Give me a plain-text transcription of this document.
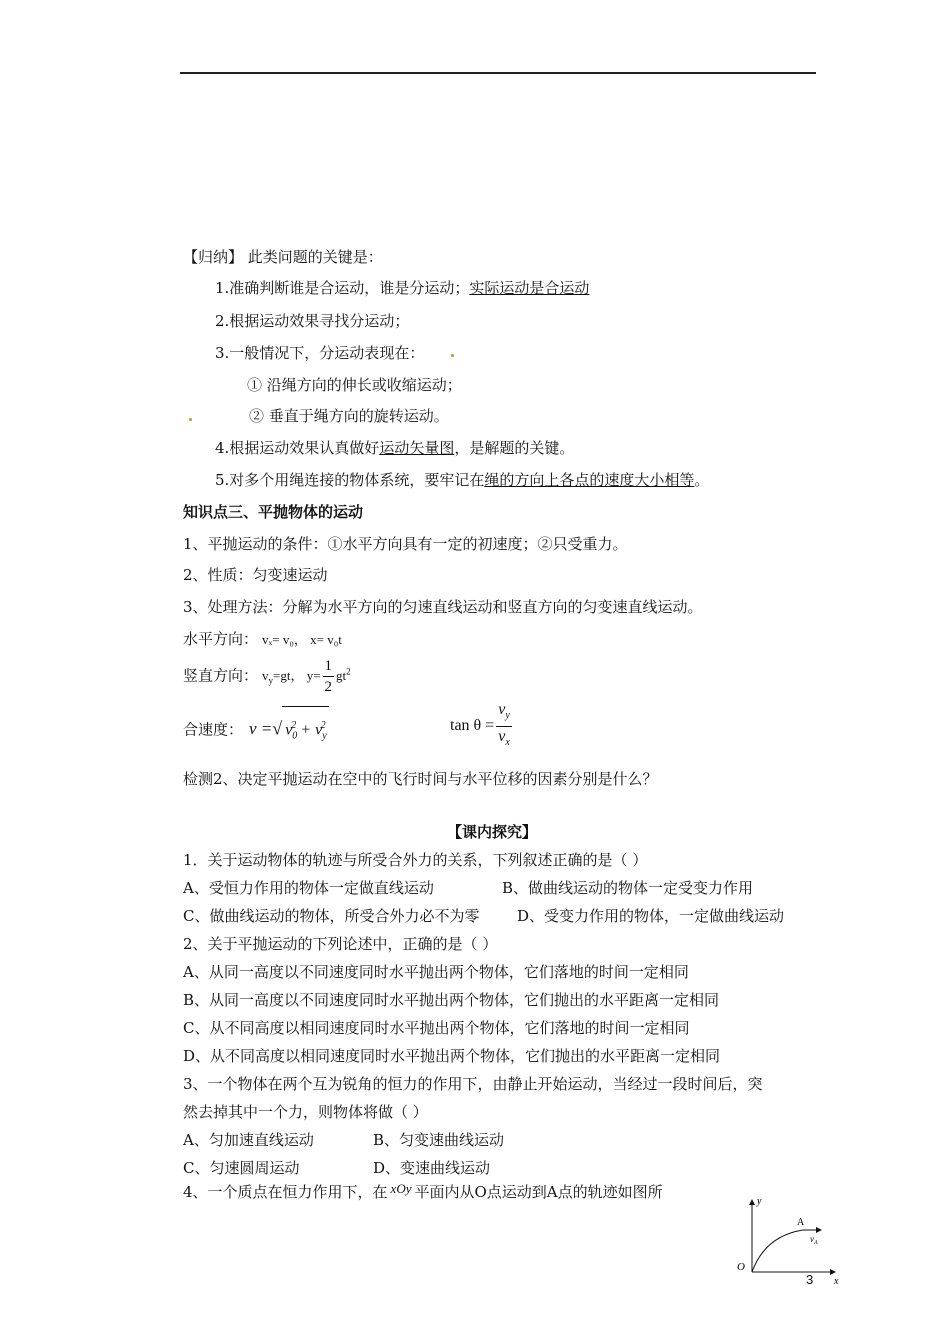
【归纳】 此类问题的关键是：
1.准确判断谁是合运动，谁是分运动；实际运动是合运动
2.根据运动效果寻找分运动；
3.一般情况下，分运动表现在：
① 沿绳方向的伸长或收缩运动；
② 垂直于绳方向的旋转运动。
4.根据运动效果认真做好运动矢量图，是解题的关键。
5.对多个用绳连接的物体系统，要牢记在绳的方向上各点的速度大小相等。
知识点三、平抛物体的运动
1、平抛运动的条件：①水平方向具有一定的初速度；②只受重力。
2、性质：匀变速运动
3、处理方法：分解为水平方向的匀速直线运动和竖直方向的匀变速直线运动。
水平方向： vₓ= v₀， x= v₀t
竖直方向： $v_y=gt$， $y= \frac{1}{2} gt^2$
合速度： v =√ $v_0^2 + v_y^2$	$\tan \theta = \frac{v_y}{v_x}$
检测2、决定平抛运动在空中的飞行时间与水平位移的因素分别是什么？
【课内探究】
1．关于运动物体的轨迹与所受合外力的关系，下列叙述正确的是（ ）
A、受恒力作用的物体一定做直线运动	B、做曲线运动的物体一定受变力作用
C、做曲线运动的物体，所受合外力必不为零	D、受变力作用的物体，一定做曲线运动
2、关于平抛运动的下列论述中，正确的是（ ）
A、从同一高度以不同速度同时水平抛出两个物体，它们落地的时间一定相同
B、从同一高度以不同速度同时水平抛出两个物体，它们抛出的水平距离一定相同
C、从不同高度以相同速度同时水平抛出两个物体，它们落地的时间一定相同
D、从不同高度以相同速度同时水平抛出两个物体，它们抛出的水平距离一定相同
3、一个物体在两个互为锐角的恒力的作用下，由静止开始运动，当经过一段时间后，突
然去掉其中一个力，则物体将做（ ）
A、匀加速直线运动	B、匀变速曲线运动
C、匀速圆周运动	D、变速曲线运动
4、一个质点在恒力作用下，在 xOy 平面内从O点运动到A点的轨迹如图所
y
x
O
A
$v_A$
3
